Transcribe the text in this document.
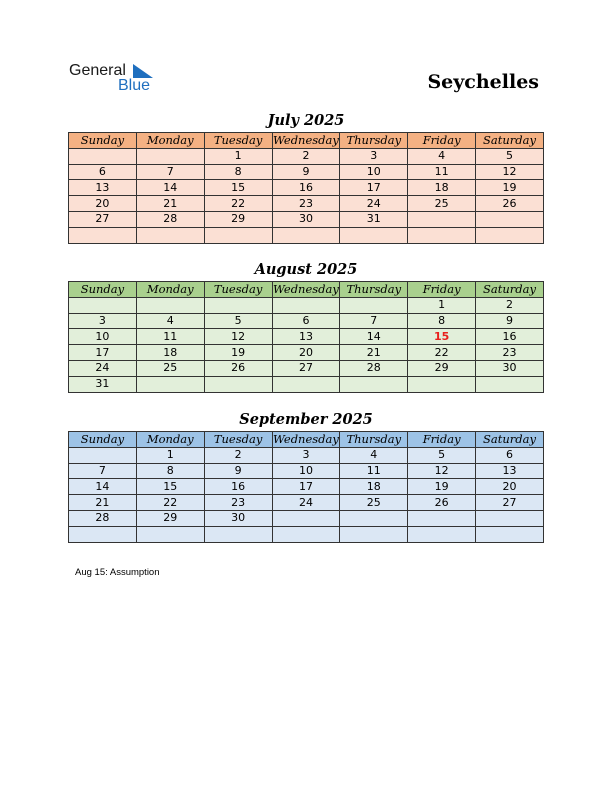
General
Blue	Seychelles
July 2025
Sunday	Monday	Tuesday	Wednesday	Thursday	Friday	Saturday
		1	2	3	4	5
6	7	8	9	10	11	12
13	14	15	16	17	18	19
20	21	22	23	24	25	26
27	28	29	30	31		

August 2025
Sunday	Monday	Tuesday	Wednesday	Thursday	Friday	Saturday
					1	2
3	4	5	6	7	8	9
10	11	12	13	14	15	16
17	18	19	20	21	22	23
24	25	26	27	28	29	30
31						
September 2025
Sunday	Monday	Tuesday	Wednesday	Thursday	Friday	Saturday
	1	2	3	4	5	6
7	8	9	10	11	12	13
14	15	16	17	18	19	20
21	22	23	24	25	26	27
28	29	30				

Aug 15: Assumption
